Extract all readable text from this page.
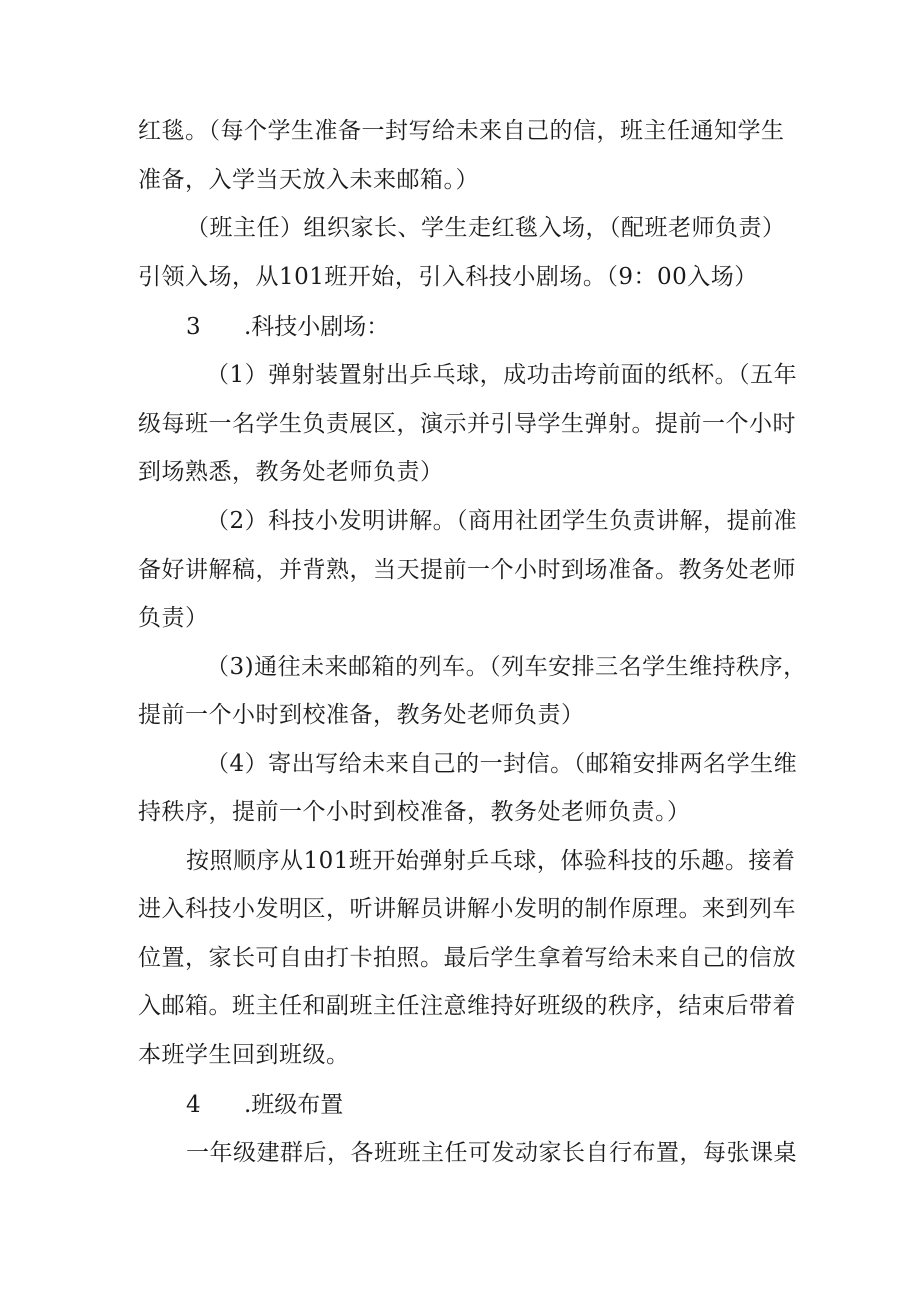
红毯。（每个学生准备一封写给未来自己的信，班主任通知学生
准备，入学当天放入未来邮箱。）
（班主任）组织家长、学生走红毯入场，（配班老师负责）
引领入场，从101班开始，引入科技小剧场。（9：00入场）
3 .科技小剧场：
（1）弹射装置射出乒乓球，成功击垮前面的纸杯。（五年
级每班一名学生负责展区，演示并引导学生弹射。提前一个小时
到场熟悉，教务处老师负责）
（2）科技小发明讲解。（商用社团学生负责讲解，提前准
备好讲解稿，并背熟，当天提前一个小时到场准备。教务处老师
负责）
（3)通往未来邮箱的列车。（列车安排三名学生维持秩序，
提前一个小时到校准备，教务处老师负责）
（4）寄出写给未来自己的一封信。（邮箱安排两名学生维
持秩序，提前一个小时到校准备，教务处老师负责。）
按照顺序从101班开始弹射乒乓球，体验科技的乐趣。接着
进入科技小发明区，听讲解员讲解小发明的制作原理。来到列车
位置，家长可自由打卡拍照。最后学生拿着写给未来自己的信放
入邮箱。班主任和副班主任注意维持好班级的秩序，结束后带着
本班学生回到班级。
4 .班级布置
一年级建群后，各班班主任可发动家长自行布置，每张课桌
